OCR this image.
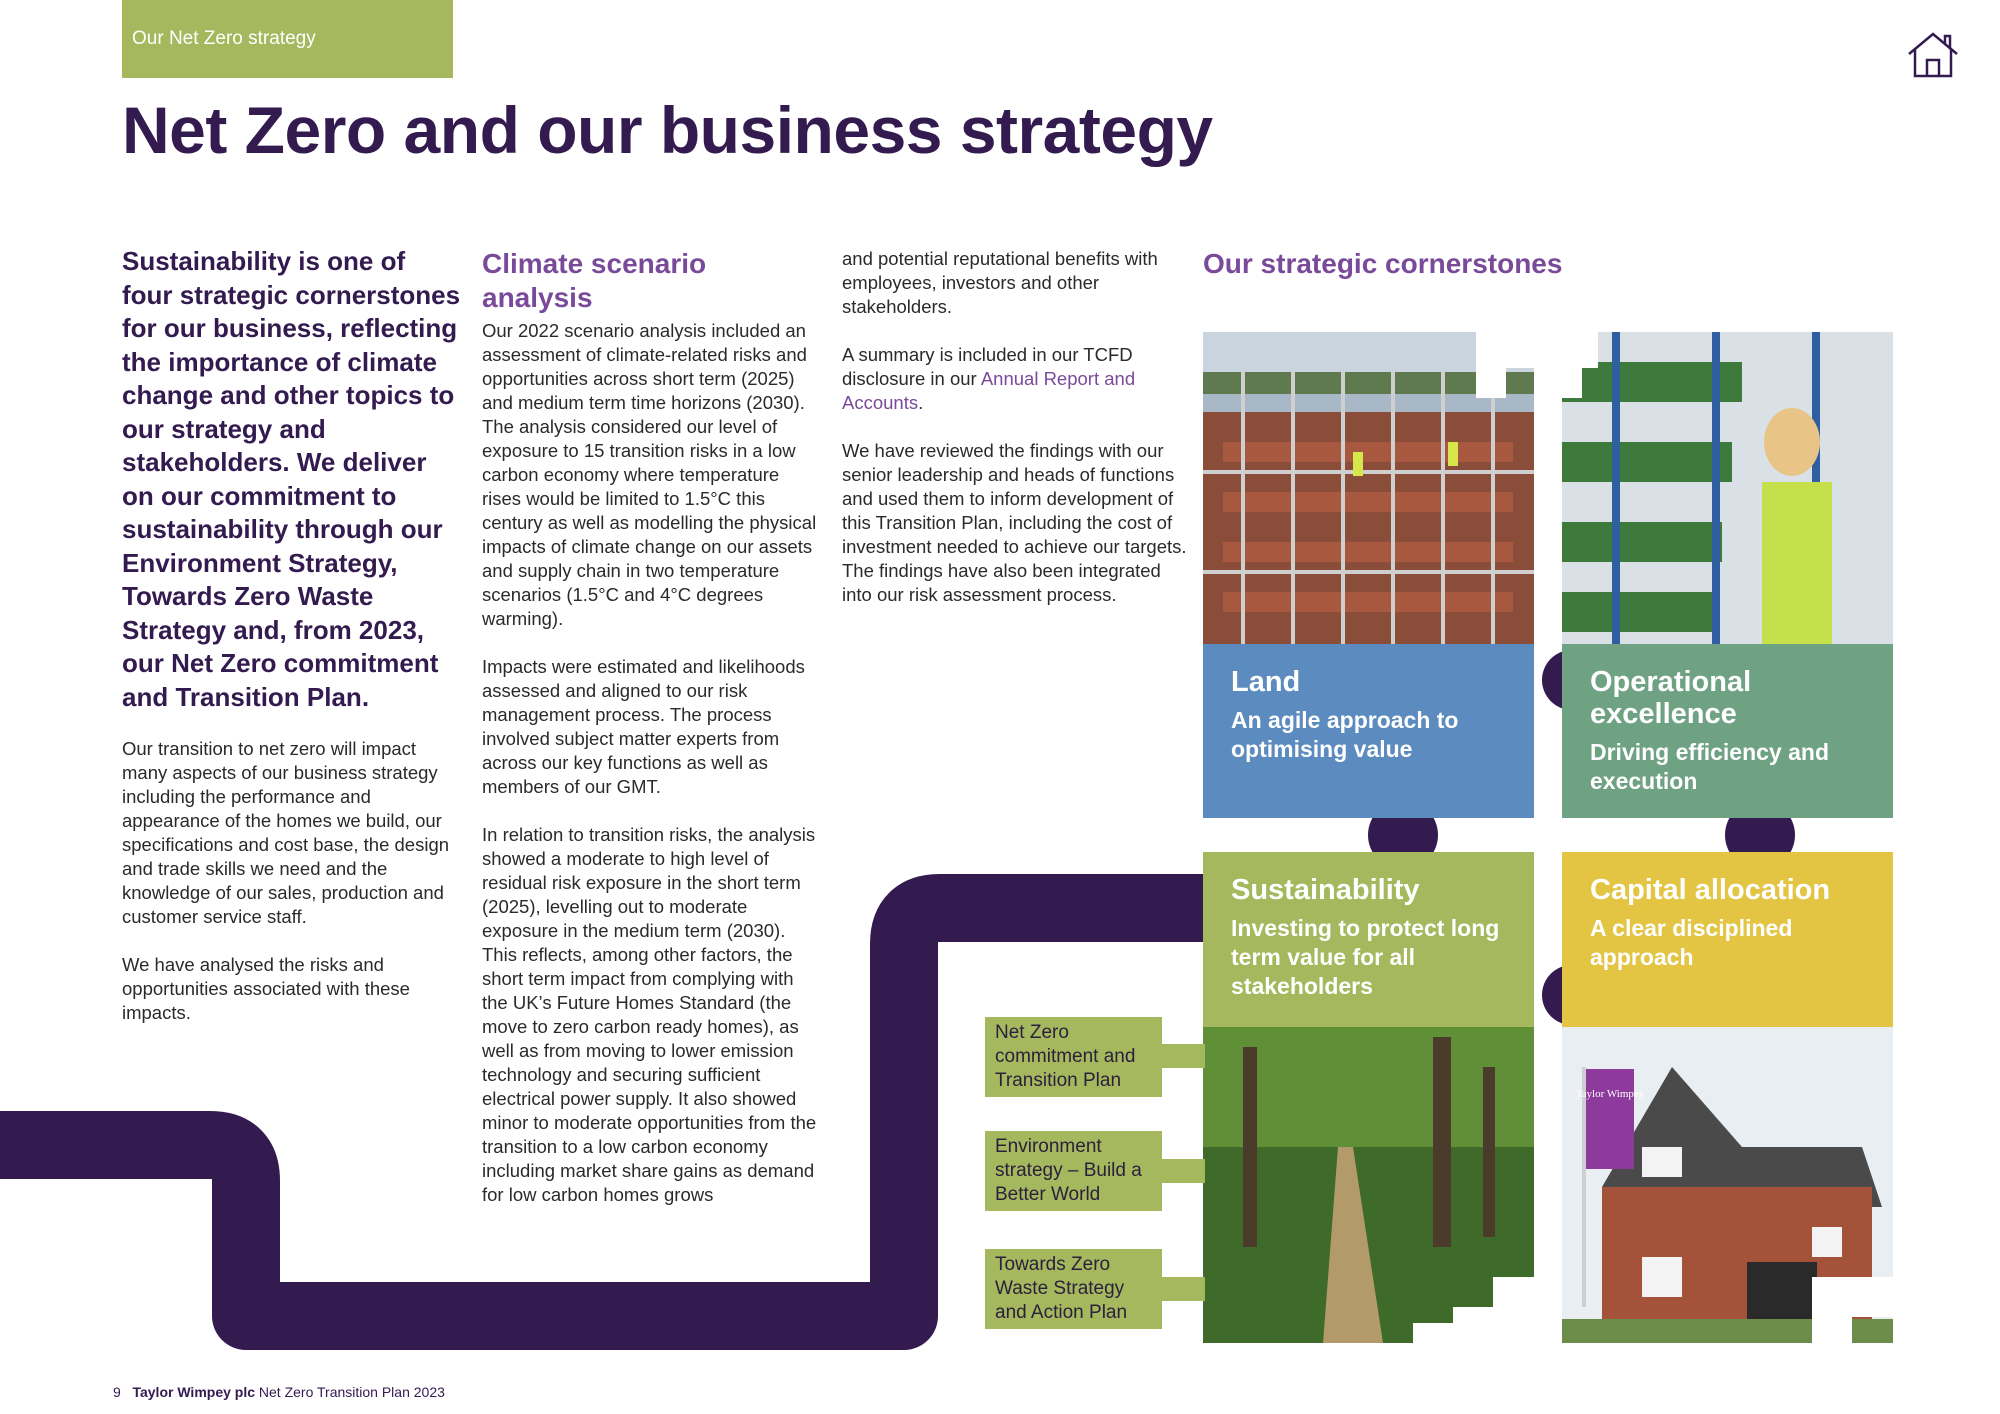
Our Net Zero strategy
Net Zero and our business strategy
Sustainability is one of four strategic cornerstones for our business, reflecting the importance of climate change and other topics to our strategy and stakeholders. We deliver on our commitment to sustainability through our Environment Strategy, Towards Zero Waste Strategy and, from 2023, our Net Zero commitment and Transition Plan.

Our transition to net zero will impact many aspects of our business strategy including the performance and appearance of the homes we build, our specifications and cost base, the design and trade skills we need and the knowledge of our sales, production and customer service staff.

We have analysed the risks and opportunities associated with these impacts.

Climate scenario analysis

Our 2022 scenario analysis included an assessment of climate-related risks and opportunities across short term (2025) and medium term time horizons (2030). The analysis considered our level of exposure to 15 transition risks in a low carbon economy where temperature rises would be limited to 1.5°C this century as well as modelling the physical impacts of climate change on our assets and supply chain in two temperature scenarios (1.5°C and 4°C degrees warming).

Impacts were estimated and likelihoods assessed and aligned to our risk management process. The process involved subject matter experts from across our key functions as well as members of our GMT.

In relation to transition risks, the analysis showed a moderate to high level of residual risk exposure in the short term (2025), levelling out to moderate exposure in the medium term (2030). This reflects, among other factors, the short term impact from complying with the UK’s Future Homes Standard (the move to zero carbon ready homes), as well as from moving to lower emission technology and securing sufficient electrical power supply. It also showed minor to moderate opportunities from the transition to a low carbon economy including market share gains as demand for low carbon homes grows

and potential reputational benefits with employees, investors and other stakeholders.

A summary is included in our TCFD disclosure in our Annual Report and Accounts.

We have reviewed the findings with our senior leadership and heads of functions and used them to inform development of this Transition Plan, including the cost of investment needed to achieve our targets. The findings have also been integrated into our risk assessment process.

Our strategic cornerstones
Taylor Wimpey
Land
An agile approach to optimising value
Operational excellence
Driving efficiency and execution
Sustainability
Investing to protect long term value for all stakeholders
Capital allocation
A clear disciplined approach
Net Zero commitment and Transition Plan
Environment strategy – Build a Better World
Towards Zero Waste Strategy and Action Plan
9 Taylor Wimpey plc Net Zero Transition Plan 2023
